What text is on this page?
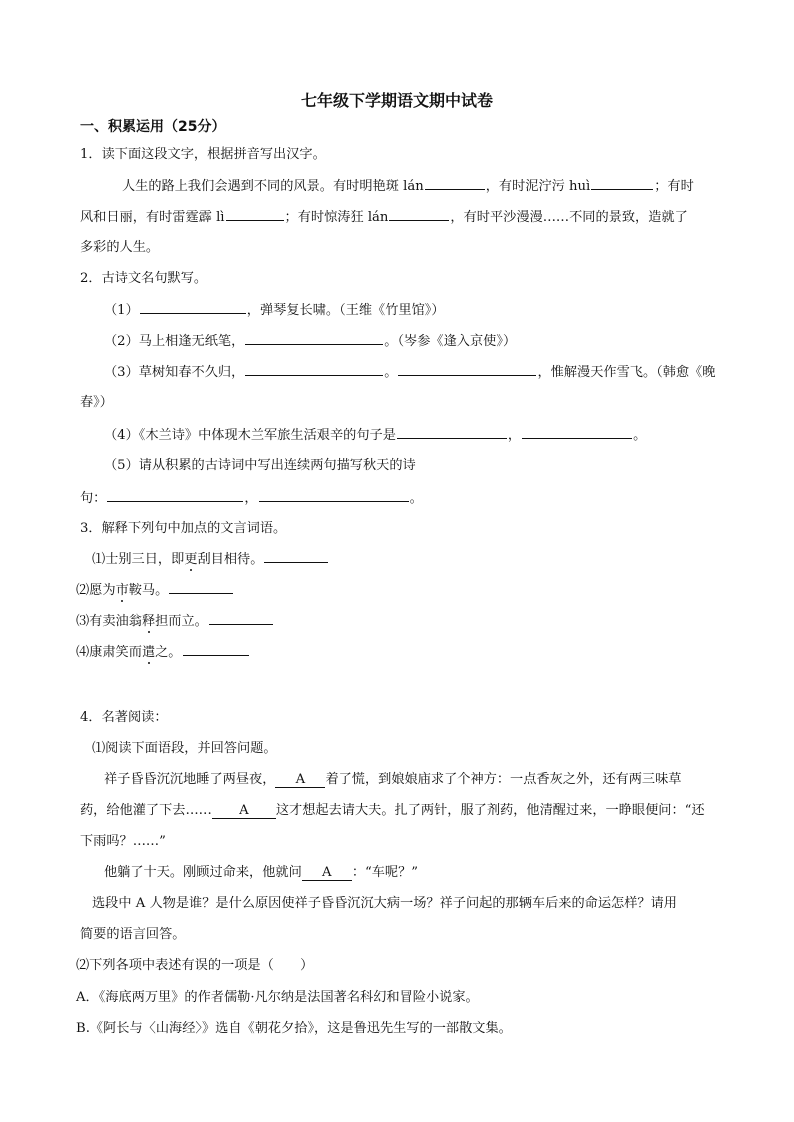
七年级下学期语文期中试卷
一、积累运用（25分）
1．读下面这段文字，根据拼音写出汉字。
人生的路上我们会遇到不同的风景。有时明艳斑 lán	，有时泥泞污 huì	；有时
风和日丽，有时雷霆霹 lì	；有时惊涛狂 lán	，有时平沙漫漫……不同的景致，造就了
多彩的人生。
2．古诗文名句默写。
（1）	，弹琴复长啸。（王维《竹里馆》）
（2）马上相逢无纸笔，	。（岑参《逢入京使》）
（3）草树知春不久归，	。	，惟解漫天作雪飞。（韩愈《晚
春》）
（4）《木兰诗》中体现木兰军旅生活艰辛的句子是	，	。
（5）请从积累的古诗词中写出连续两句描写秋天的诗
句：	，	。
3．解释下列句中加点的文言词语。
⑴士别三日，即更刮目相待。
⑵愿为市鞍马。
⑶有卖油翁释担而立。
⑷康肃笑而遣之。
4．名著阅读：
⑴阅读下面语段，并回答问题。
祥子昏昏沉沉地睡了两昼夜， A 着了慌，到娘娘庙求了个神方：一点香灰之外，还有两三味草
药，给他灌了下去…… A 这才想起去请大夫。扎了两针，服了剂药，他清醒过来，一睁眼便问：“还
下雨吗？……”
他躺了十天。刚顾过命来，他就问 A ：“车呢？”
选段中 A 人物是谁？是什么原因使祥子昏昏沉沉大病一场？祥子问起的那辆车后来的命运怎样？请用
简要的语言回答。
⑵下列各项中表述有误的一项是（　　）
A．《海底两万里》的作者儒勒·凡尔纳是法国著名科幻和冒险小说家。
B.《阿长与〈山海经〉》选自《朝花夕拾》，这是鲁迅先生写的一部散文集。
